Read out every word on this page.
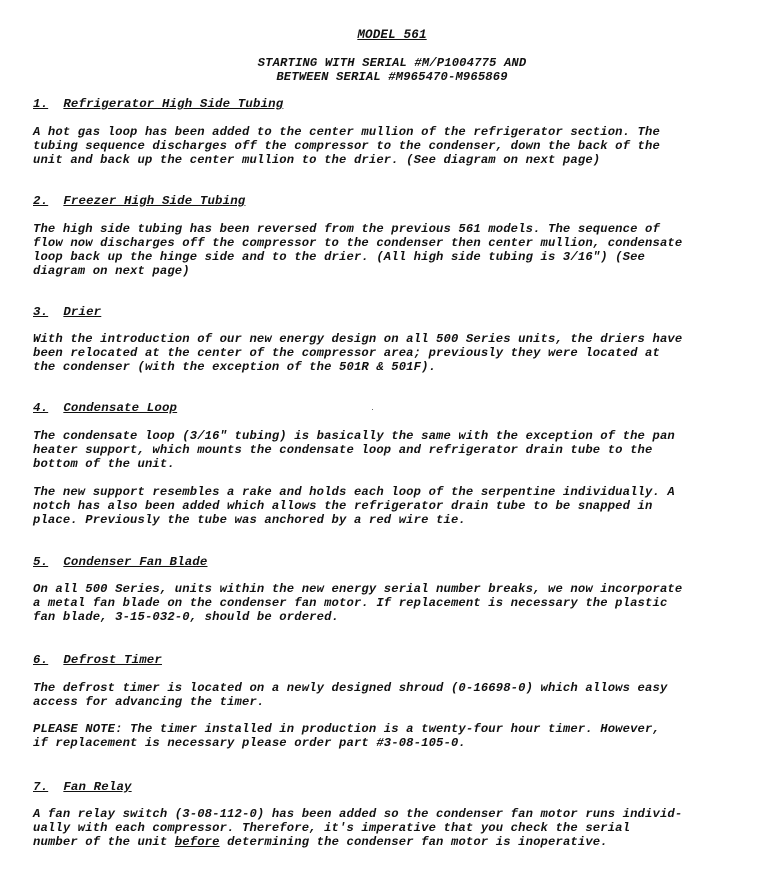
MODEL 561
STARTING WITH SERIAL #M/P1004775 AND
BETWEEN SERIAL #M965470-M965869
1. Refrigerator High Side Tubing
A hot gas loop has been added to the center mullion of the refrigerator section. The
tubing sequence discharges off the compressor to the condenser, down the back of the
unit and back up the center mullion to the drier. (See diagram on next page)
2. Freezer High Side Tubing
The high side tubing has been reversed from the previous 561 models. The sequence of
flow now discharges off the compressor to the condenser then center mullion, condensate
loop back up the hinge side and to the drier. (All high side tubing is 3/16") (See
diagram on next page)
3. Drier
With the introduction of our new energy design on all 500 Series units, the driers have
been relocated at the center of the compressor area; previously they were located at
the condenser (with the exception of the 501R & 501F).
4. Condensate Loop
The condensate loop (3/16" tubing) is basically the same with the exception of the pan
heater support, which mounts the condensate loop and refrigerator drain tube to the
bottom of the unit.
The new support resembles a rake and holds each loop of the serpentine individually. A
notch has also been added which allows the refrigerator drain tube to be snapped in
place. Previously the tube was anchored by a red wire tie.
5. Condenser Fan Blade
On all 500 Series, units within the new energy serial number breaks, we now incorporate
a metal fan blade on the condenser fan motor. If replacement is necessary the plastic
fan blade, 3-15-032-0, should be ordered.
6. Defrost Timer
The defrost timer is located on a newly designed shroud (0-16698-0) which allows easy
access for advancing the timer.
PLEASE NOTE: The timer installed in production is a twenty-four hour timer. However,
if replacement is necessary please order part #3-08-105-0.
7. Fan Relay
A fan relay switch (3-08-112-0) has been added so the condenser fan motor runs individ-
ually with each compressor. Therefore, it's imperative that you check the serial
number of the unit before determining the condenser fan motor is inoperative.
